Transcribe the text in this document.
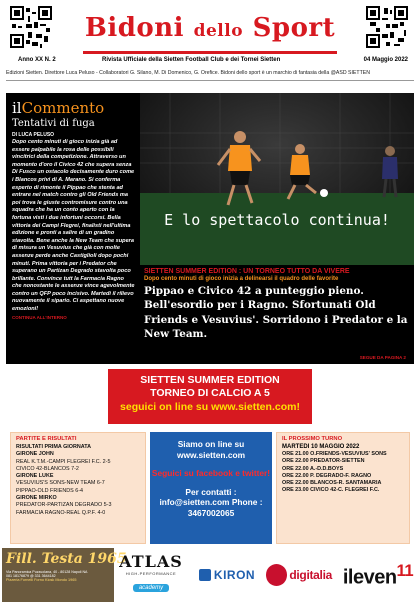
Bidoni dello Sport
Anno XX N. 2	Rivista Ufficiale della Sietten Football Club e dei Tornei Sietten	04 Maggio 2022
Edizioni Sietten. Direttore Luca Peluso - Collaboratori G. Silano, M. Di Domenico, G. Orefice. Bidoni dello sport è un marchio di fantasia della @ASD SIETTEN
ilCommento
Tentativi di fuga
DI LUCA PELUSO
Dopo cento minuti di gioco inizia già ad essere palpabile la rosa delle possibili vincitrici della competizione. Attraverso un momento d'oro il Civico 42 che supera senza Di Fusco un ostacolo decisamente duro come i Blancos privi di A. Marano. Si conferma esperto di rimonte il Pippao che stenta ad entrare nel match contro gli Old Friends ma poi trova le giuste contromisure contro una squadra che ha un conto aperto con la fortuna visti i due infortuni occorsi. Bella vittoria dei Campi Flegrei, finalisti nell'ultima edizione e pronti a salire di un gradino stavolta. Bene anche la New Team che supera di misura un Vesuvius che già con molte assenze perde anche Castiglioli dopo pochi minuti. Prima vittoria per i Predator che superano un Partizan Degrado stavolta poco brillante. Convince tutt la Farmacia Ragno che nonostante le assenze vince agevolmente contro un QFP poco incisivo. Martedì il rilievo nuovamente il sipario. Ci aspettano nuove emozioni!
CONTINUA ALL'INTERNO
E lo spettacolo continua!
SIETTEN SUMMER EDITION : UN TORNEO TUTTO DA VIVERE
Dopo cento minuti di gioco inizia a delinearsi il quadro delle favorite
Pippao e Civico 42 a punteggio pieno. Bell'esordio per i Ragno. Sfortunati Old Friends e Vesuvius'. Sorridono i Predator e la New Team.
SEGUE DA PAGINA 2
SIETTEN SUMMER EDITION
TORNEO DI CALCIO A 5
seguici on line su www.sietten.com!
PARTITE E RISULTATI
RISULTATI PRIMA GIORNATA
GIRONE JOHN
REAL K.T.M.-CAMPI FLEGREI F.C. 2-5
CIVICO 42-BLANCOS 7-2
GIRONE LUKE
VESUVIUS'S SONS-NEW TEAM 6-7
PIPPAO-OLD FRIENDS 6-4
GIRONE MIRKO
PREDATOR-PARTIZAN DEGRADO 5-3
FARMACIA RAGNO-REAL Q.P.F. 4-0
Siamo on line su www.sietten.com
Seguici su facebook e twitter!
Per contatti : info@sietten.com Phone : 3467002065
IL PROSSIMO TURNO
MARTEDI 10 MAGGIO 2022
ORE 21.00 O.FRIENDS-VESUVIUS' SONS
ORE 22.00 PREDATOR-SIETTEN
ORE 22.00 A.-D.D.BOYS
ORE 22.00 P. DEGRADO-F. RAGNO
ORE 22.00 BLANCOS-R. SANTAMARIA
ORE 23.00 CIVICO 42-C. FLEGREI F.C.
Fill. Testa 1965
Via Panoramica Puzzuolana, 40 - 80128 Napoli NA
081 18176879 @ 331 3644182
Pizzeria Fornelli Forno Kiosk Mondo 1965
ATLAS
HIGH-PERFORMANCE
academy
KIRON	digitalia ileven$^{11}$
